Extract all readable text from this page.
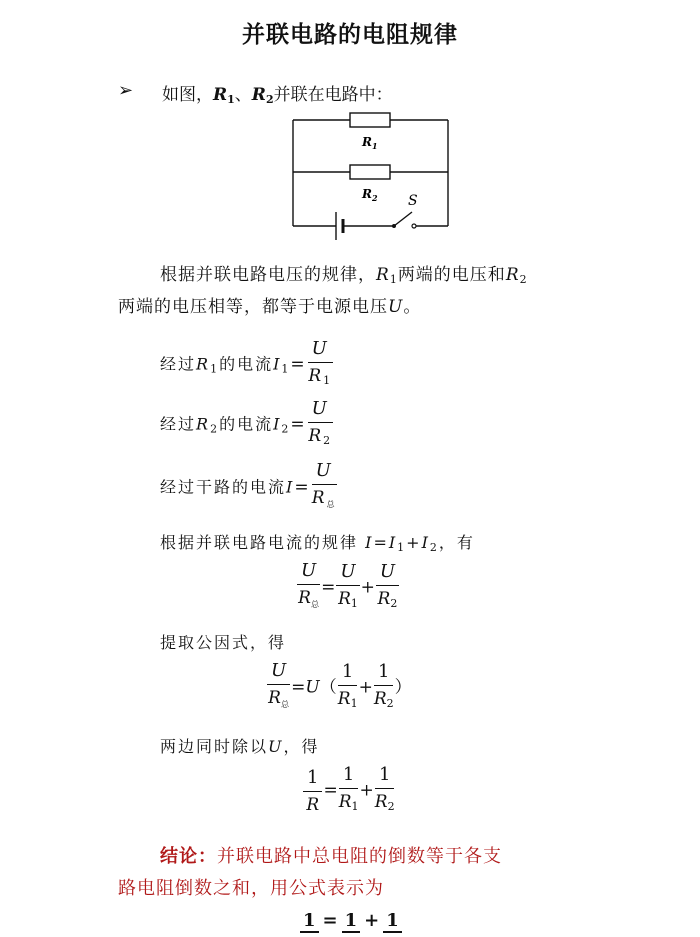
并联电路的电阻规律
➢ 如图，$R_1$、$R_2$并联在电路中：
$R_1$
$R_2$ S
根据并联电路电压的规律，$R_1$两端的电压和$R_2$
两端的电压相等，都等于电源电压U。
经过$R_1$的电流$I_1= \frac{U}{R_1}$
经过$R_2$的电流$I_2= \frac{U}{R_2}$
经过干路的电流$I= \frac{U}{R_总}$
根据并联电路电流的规律 $I=I_1+I_2$，有
$\frac{U}{R_总} = \frac{U}{R_1} + \frac{U}{R_2}$
提取公因式，得
$\frac{U}{R_总} =U( \frac{1}{R_1} + \frac{1}{R_2}$ ）
两边同时除以U，得
$\frac{1}{R} = \frac{1}{R_1} + \frac{1}{R_2}$
结论：并联电路中总电阻的倒数等于各支
路电阻倒数之和，用公式表示为
1 = 1 + 1
